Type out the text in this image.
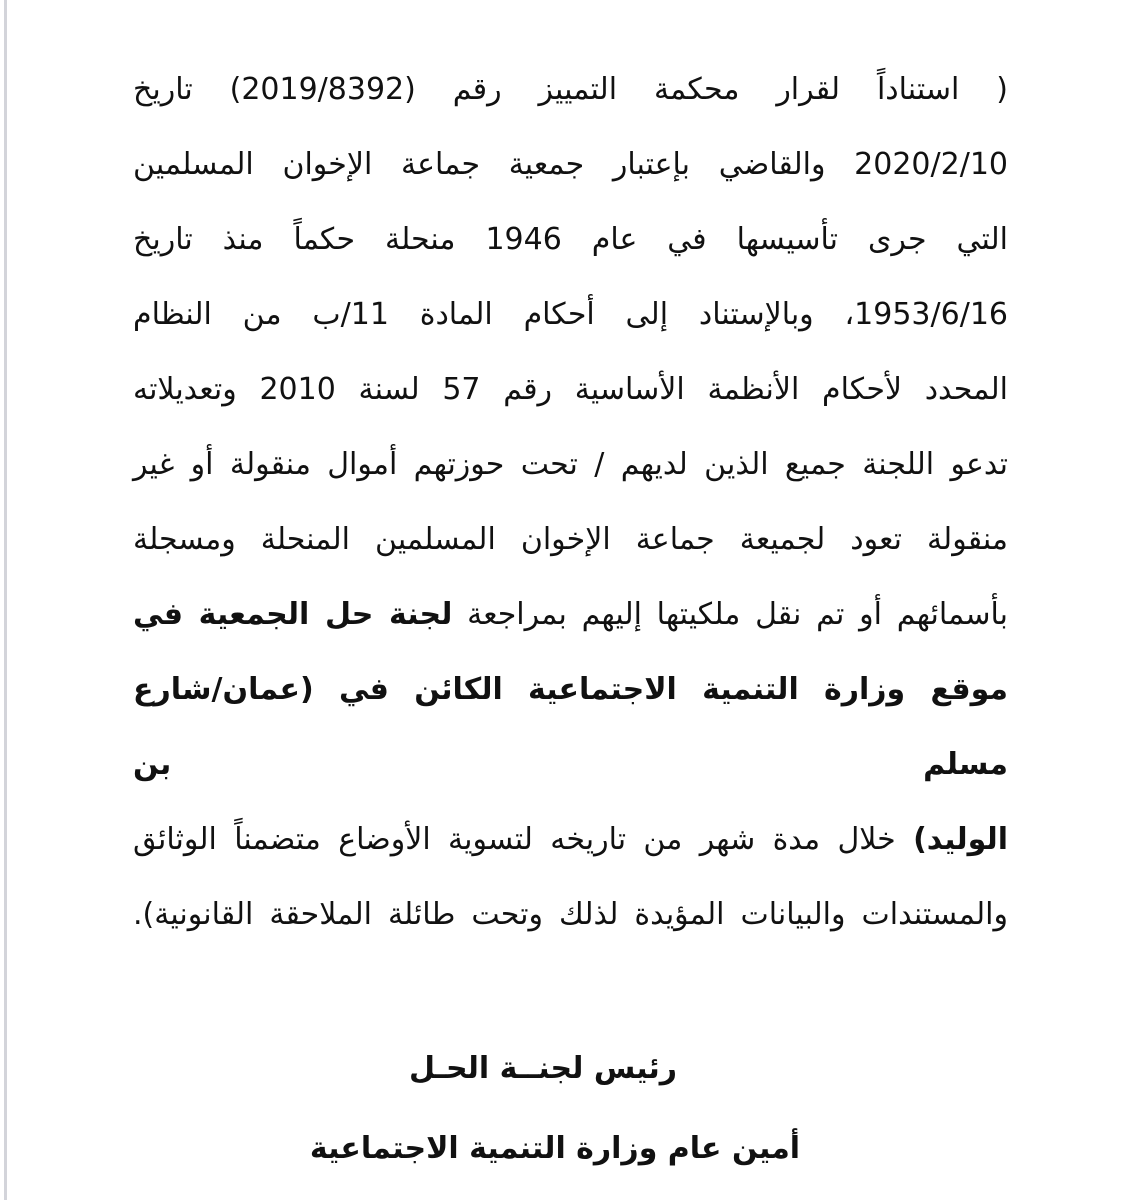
( استناداً لقرار محكمة التمييز رقم (2019/8392) تاريخ
2020/2/10 والقاضي بإعتبار جمعية جماعة الإخوان المسلمين
التي جرى تأسيسها في عام 1946 منحلة حكماً منذ تاريخ
1953/6/16، وبالإستناد إلى أحكام المادة 11/ب من النظام
المحدد لأحكام الأنظمة الأساسية رقم 57 لسنة 2010 وتعديلاته
تدعو اللجنة جميع الذين لديهم / تحت حوزتهم أموال منقولة أو غير
منقولة تعود لجميعة جماعة الإخوان المسلمين المنحلة ومسجلة
بأسمائهم أو تم نقل ملكيتها إليهم بمراجعة لجنة حل الجمعية في
موقع وزارة التنمية الاجتماعية الكائن في (عمان/شارع مسلم بن
الوليد) خلال مدة شهر من تاريخه لتسوية الأوضاع متضمناً الوثائق
والمستندات والبيانات المؤيدة لذلك وتحت طائلة الملاحقة القانونية).
رئيس لجنــة الحـل
أمين عام وزارة التنمية الاجتماعية
